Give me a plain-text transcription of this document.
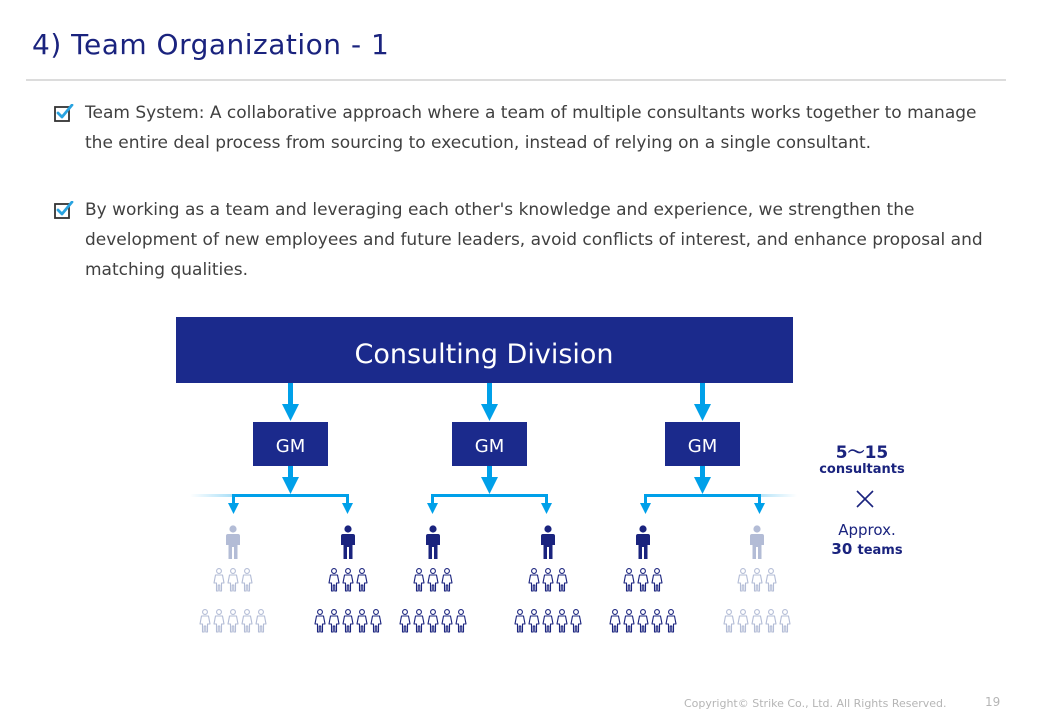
4) Team Organization - 1
Team System: A collaborative approach where a team of multiple consultants works together to manage the entire deal process from sourcing to execution, instead of relying on a single consultant.
By working as a team and leveraging each other's knowledge and experience, we strengthen the development of new employees and future leaders, avoid conflicts of interest, and enhance proposal and matching qualities.
Consulting Division
GM	GM	GM	5～15
consultants
Approx.
30 teams
Copyright© Strike Co., Ltd. All Rights Reserved.	19
